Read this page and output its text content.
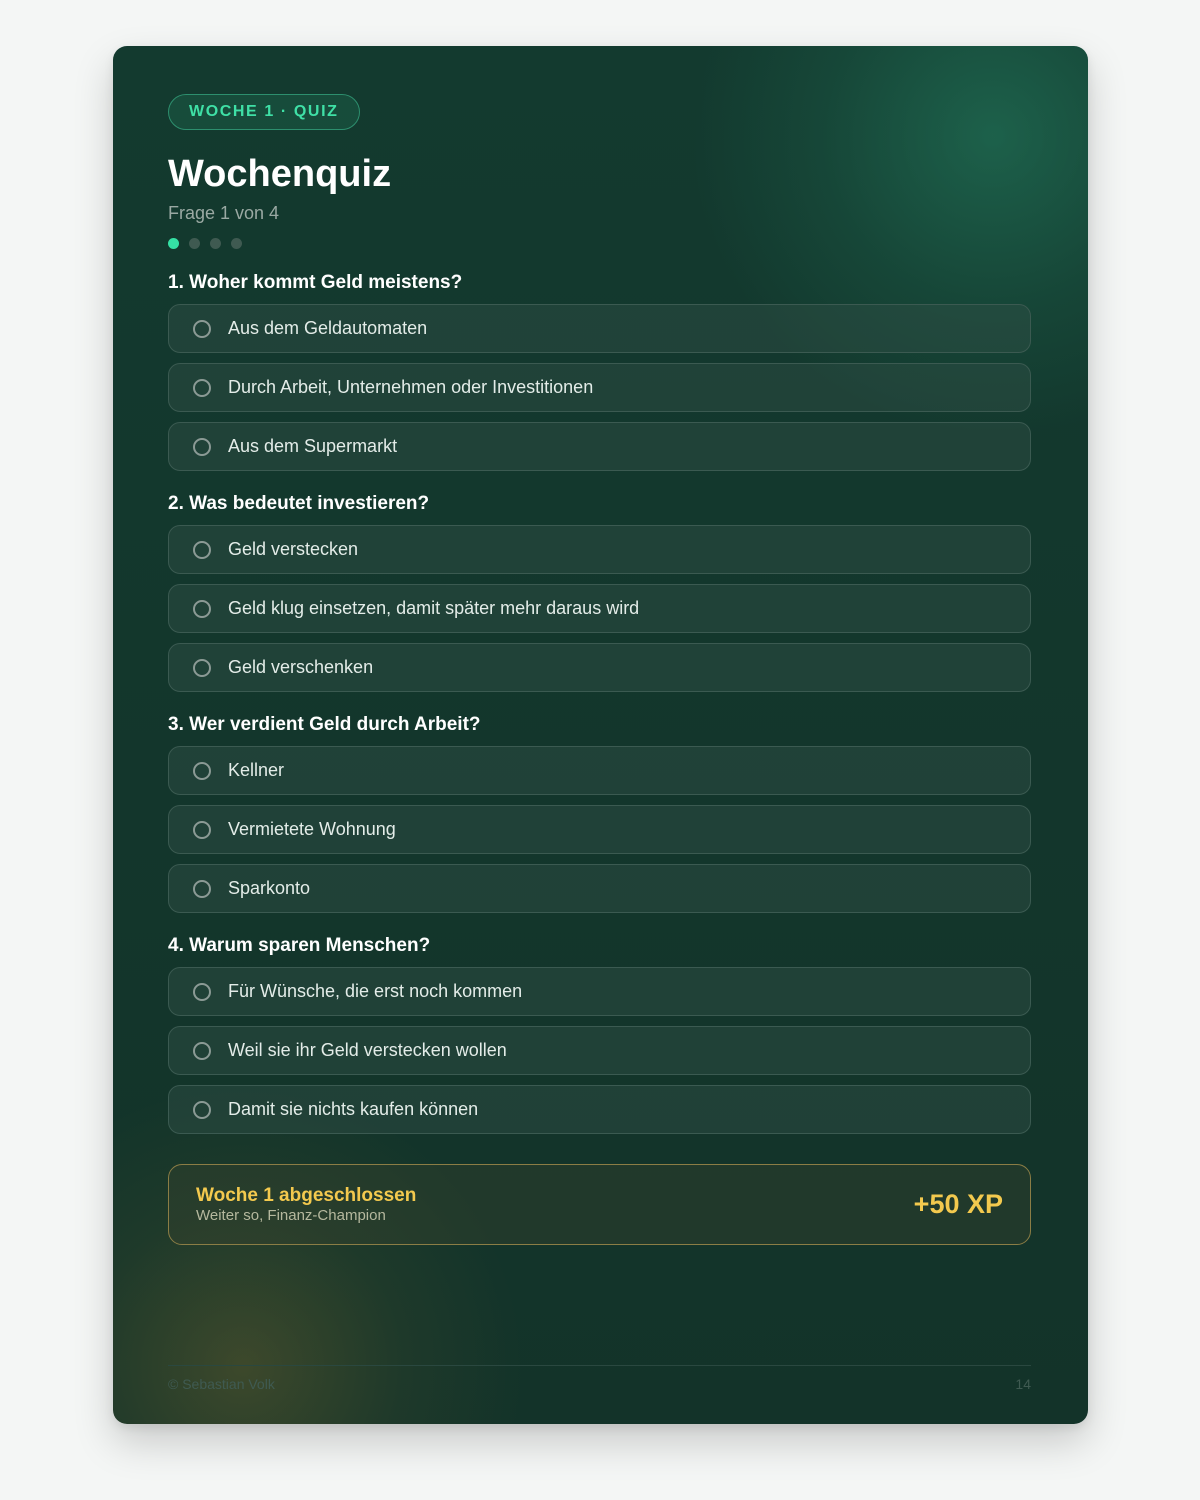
WOCHE 1 · QUIZ
Wochenquiz
Frage 1 von 4
1. Woher kommt Geld meistens?
Aus dem Geldautomaten
Durch Arbeit, Unternehmen oder Investitionen
Aus dem Supermarkt
2. Was bedeutet investieren?
Geld verstecken
Geld klug einsetzen, damit später mehr daraus wird
Geld verschenken
3. Wer verdient Geld durch Arbeit?
Kellner
Vermietete Wohnung
Sparkonto
4. Warum sparen Menschen?
Für Wünsche, die erst noch kommen
Weil sie ihr Geld verstecken wollen
Damit sie nichts kaufen können
Woche 1 abgeschlossen
Weiter so, Finanz-Champion	+50 XP
© Sebastian Volk	14
